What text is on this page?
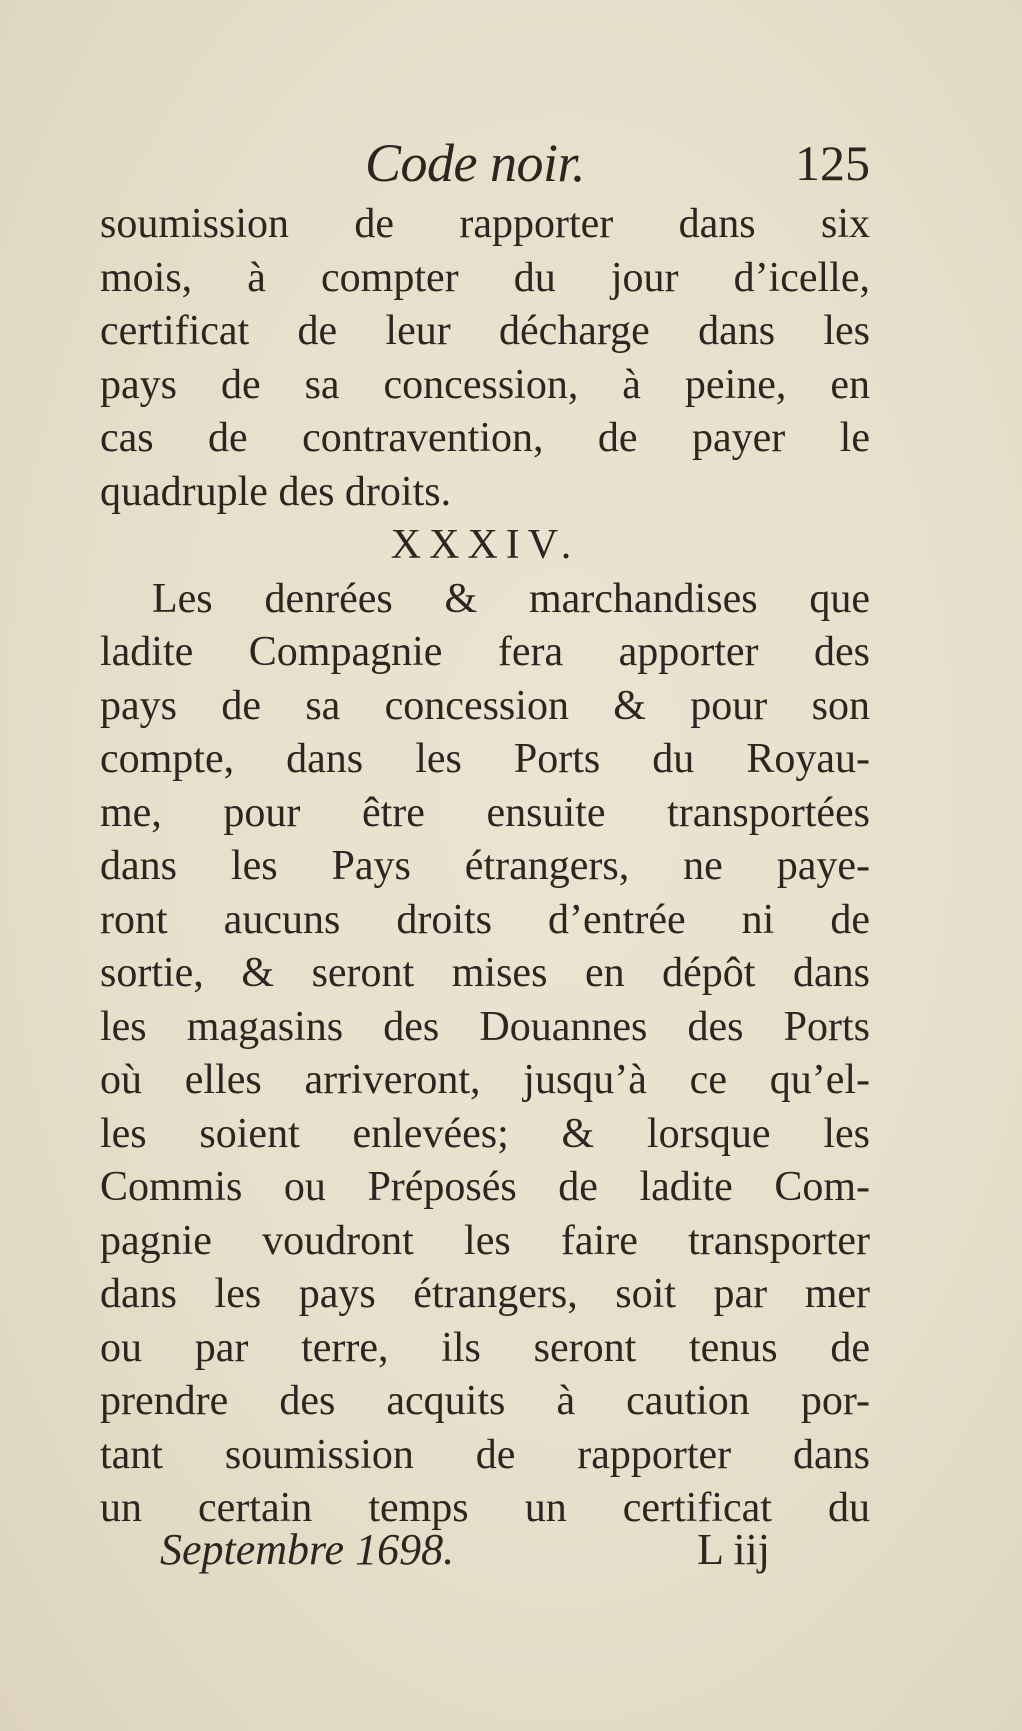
Code noir.	125
soumission de rapporter dans six
mois, à compter du jour d’icelle,
certificat de leur décharge dans les
pays de sa concession, à peine, en
cas de contravention, de payer le
quadruple des droits.
XXXIV.
Les denrées & marchandises que
ladite Compagnie fera apporter des
pays de sa concession & pour son
compte, dans les Ports du Royau-
me, pour être ensuite transportées
dans les Pays étrangers, ne paye-
ront aucuns droits d’entrée ni de
sortie, & seront mises en dépôt dans
les magasins des Douannes des Ports
où elles arriveront, jusqu’à ce qu’el-
les soient enlevées; & lorsque les
Commis ou Préposés de ladite Com-
pagnie voudront les faire transporter
dans les pays étrangers, soit par mer
ou par terre, ils seront tenus de
prendre des acquits à caution por-
tant soumission de rapporter dans
un certain temps un certificat du
Septembre 1698.	L iij
